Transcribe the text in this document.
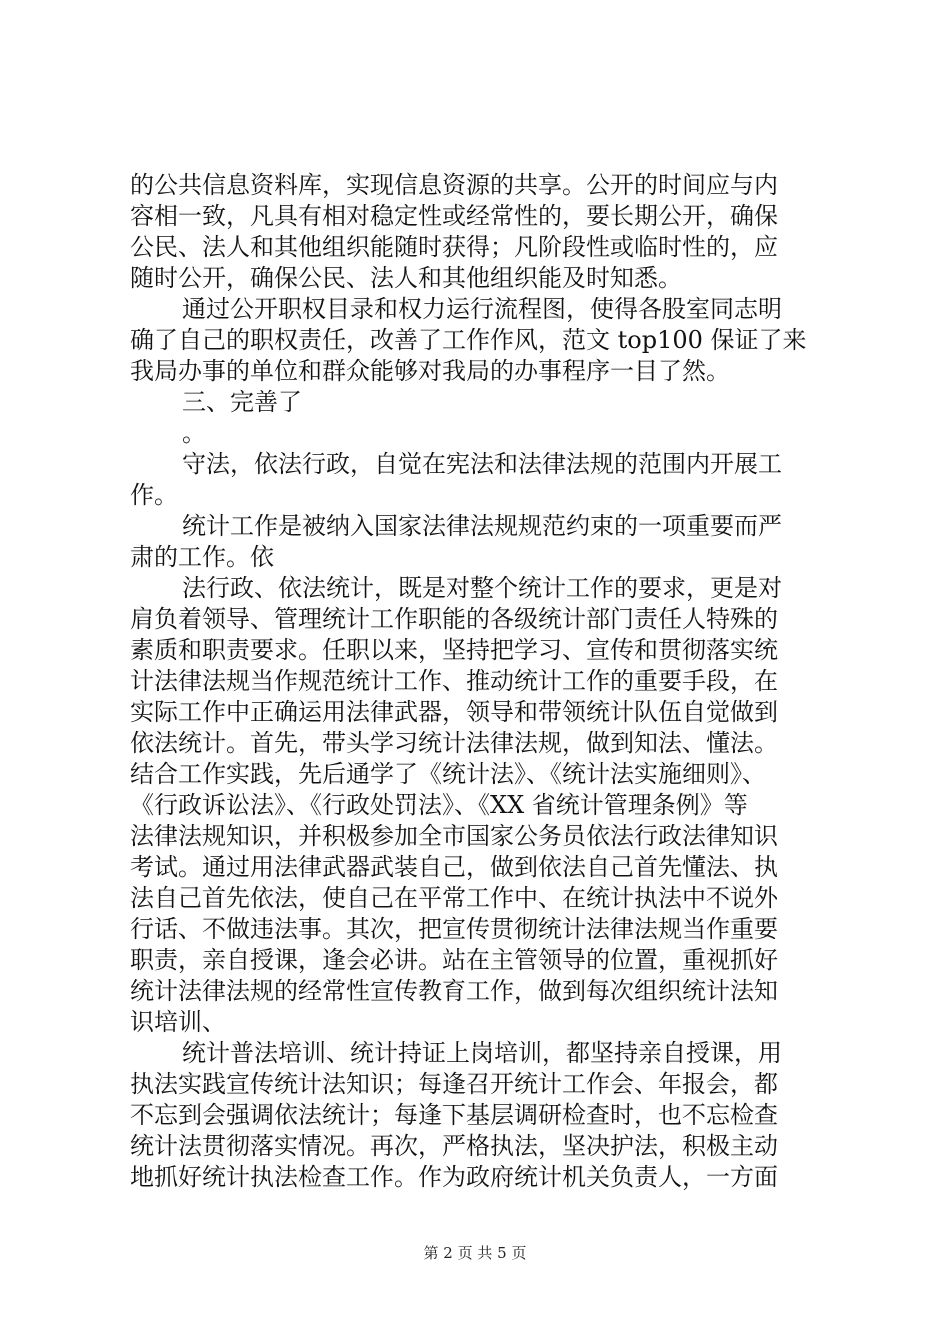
的公共信息资料库，实现信息资源的共享。公开的时间应与内
容相一致，凡具有相对稳定性或经常性的，要长期公开，确保
公民、法人和其他组织能随时获得；凡阶段性或临时性的，应
随时公开，确保公民、法人和其他组织能及时知悉。
通过公开职权目录和权力运行流程图，使得各股室同志明
确了自己的职权责任，改善了工作作风，范文 top100 保证了来
我局办事的单位和群众能够对我局的办事程序一目了然。
三、完善了
。
守法，依法行政，自觉在宪法和法律法规的范围内开展工
作。
统计工作是被纳入国家法律法规规范约束的一项重要而严
肃的工作。依
法行政、依法统计，既是对整个统计工作的要求，更是对
肩负着领导、管理统计工作职能的各级统计部门责任人特殊的
素质和职责要求。任职以来，坚持把学习、宣传和贯彻落实统
计法律法规当作规范统计工作、推动统计工作的重要手段，在
实际工作中正确运用法律武器，领导和带领统计队伍自觉做到
依法统计。首先，带头学习统计法律法规，做到知法、懂法。
结合工作实践，先后通学了《统计法》、《统计法实施细则》、
《行政诉讼法》、《行政处罚法》、《XX 省统计管理条例》等
法律法规知识，并积极参加全市国家公务员依法行政法律知识
考试。通过用法律武器武装自己，做到依法自己首先懂法、执
法自己首先依法，使自己在平常工作中、在统计执法中不说外
行话、不做违法事。其次，把宣传贯彻统计法律法规当作重要
职责，亲自授课，逢会必讲。站在主管领导的位置，重视抓好
统计法律法规的经常性宣传教育工作，做到每次组织统计法知
识培训、
统计普法培训、统计持证上岗培训，都坚持亲自授课，用
执法实践宣传统计法知识；每逢召开统计工作会、年报会，都
不忘到会强调依法统计；每逢下基层调研检查时，也不忘检查
统计法贯彻落实情况。再次，严格执法，坚决护法，积极主动
地抓好统计执法检查工作。作为政府统计机关负责人，一方面
第 2 页 共 5 页
